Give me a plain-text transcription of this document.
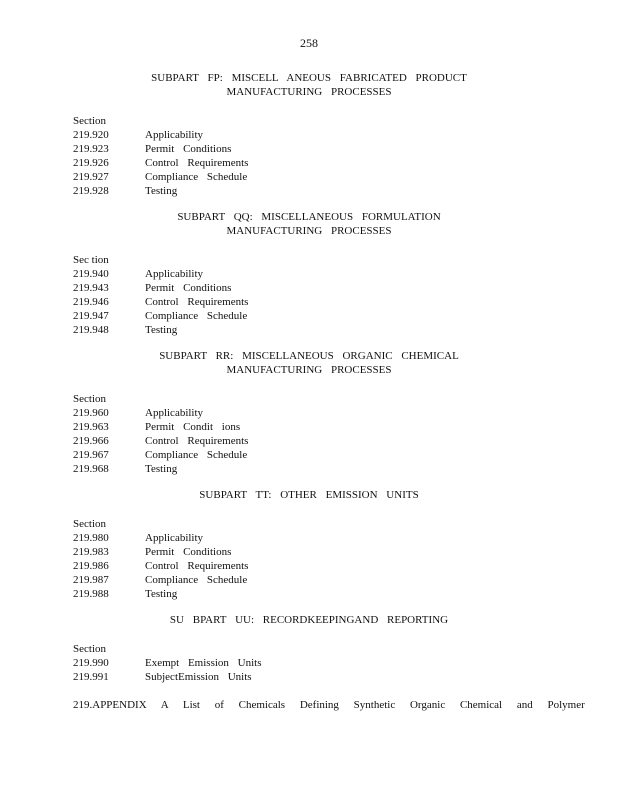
258
SUBPART FP: MISCELL ANEOUS FABRICATED PRODUCT
MANUFACTURING PROCESSES
Section
219.920	Applicability
219.923	Permit Conditions
219.926	Control Requirements
219.927	Compliance Schedule
219.928	Testing
SUBPART QQ: MISCELLANEOUS FORMULATION
MANUFACTURING PROCESSES
Sec tion
219.940	Applicability
219.943	Permit Conditions
219.946	Control Requirements
219.947	Compliance Schedule
219.948	Testing
SUBPART RR: MISCELLANEOUS ORGANIC CHEMICAL
MANUFACTURING PROCESSES
Section
219.960	Applicability
219.963	Permit Condit ions
219.966	Control Requirements
219.967	Compliance Schedule
219.968	Testing
SUBPART TT: OTHER EMISSION UNITS
Section
219.980	Applicability
219.983	Permit Conditions
219.986	Control Requirements
219.987	Compliance Schedule
219.988	Testing
SU BPART UU: RECORDKEEPINGAND REPORTING
Section
219.990	Exempt Emission Units
219.991	SubjectEmission Units
219.APPENDIX A List of Chemicals Defining Synthetic Organic Chemical and Polymer
